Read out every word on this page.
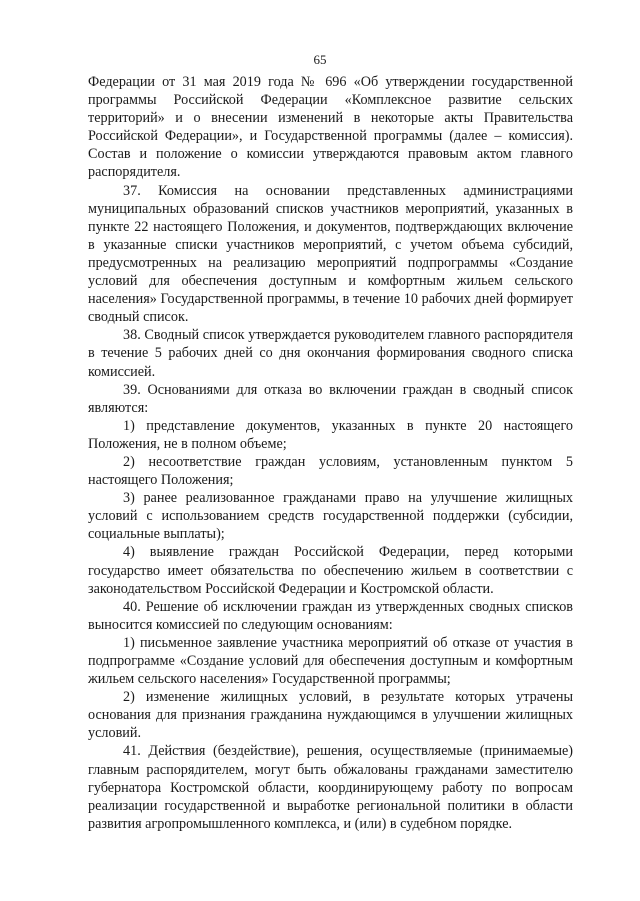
65

Федерации от 31 мая 2019 года № 696 «Об утверждении государственной программы Российской Федерации «Комплексное развитие сельских территорий» и о внесении изменений в некоторые акты Правительства Российской Федерации», и Государственной программы (далее – комиссия). Состав и положение о комиссии утверждаются правовым актом главного распорядителя.

37. Комиссия на основании представленных администрациями муниципальных образований списков участников мероприятий, указанных в пункте 22 настоящего Положения, и документов, подтверждающих включение в указанные списки участников мероприятий, с учетом объема субсидий, предусмотренных на реализацию мероприятий подпрограммы «Создание условий для обеспечения доступным и комфортным жильем сельского населения» Государственной программы, в течение 10 рабочих дней формирует сводный список.

38. Сводный список утверждается руководителем главного распорядителя в течение 5 рабочих дней со дня окончания формирования сводного списка комиссией.

39. Основаниями для отказа во включении граждан в сводный список являются:

1) представление документов, указанных в пункте 20 настоящего Положения, не в полном объеме;

2) несоответствие граждан условиям, установленным пунктом 5 настоящего Положения;

3) ранее реализованное гражданами право на улучшение жилищных условий с использованием средств государственной поддержки (субсидии, социальные выплаты);

4) выявление граждан Российской Федерации, перед которыми государство имеет обязательства по обеспечению жильем в соответствии с законодательством Российской Федерации и Костромской области.

40. Решение об исключении граждан из утвержденных сводных списков выносится комиссией по следующим основаниям:

1) письменное заявление участника мероприятий об отказе от участия в подпрограмме «Создание условий для обеспечения доступным и комфортным жильем сельского населения» Государственной программы;

2) изменение жилищных условий, в результате которых утрачены основания для признания гражданина нуждающимся в улучшении жилищных условий.

41. Действия (бездействие), решения, осуществляемые (принимаемые) главным распорядителем, могут быть обжалованы гражданами заместителю губернатора Костромской области, координирующему работу по вопросам реализации государственной и выработке региональной политики в области развития агропромышленного комплекса, и (или) в судебном порядке.
